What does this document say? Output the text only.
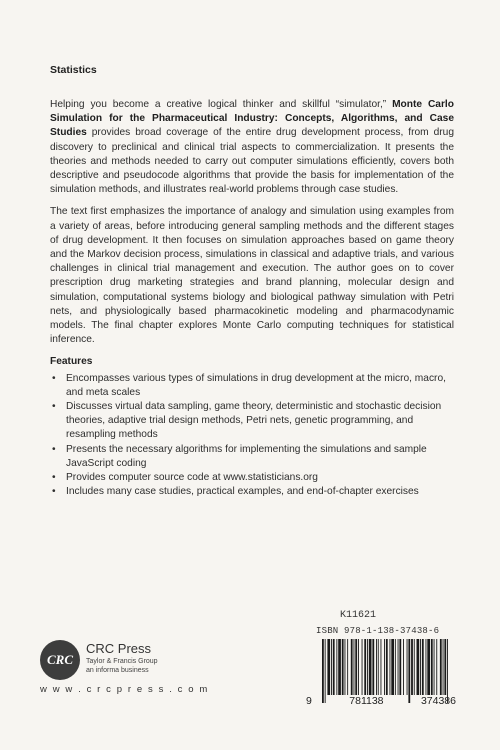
Statistics

Helping you become a creative logical thinker and skillful “simulator,” Monte Carlo Simulation for the Pharmaceutical Industry: Concepts, Algorithms, and Case Studies provides broad coverage of the entire drug development process, from drug discovery to preclinical and clinical trial aspects to commercialization. It presents the theories and methods needed to carry out computer simulations efficiently, covers both descriptive and pseudocode algorithms that provide the basis for implementation of the simulation methods, and illustrates real-world problems through case studies.

The text first emphasizes the importance of analogy and simulation using examples from a variety of areas, before introducing general sampling methods and the different stages of drug development. It then focuses on simulation approaches based on game theory and the Markov decision process, simulations in classical and adaptive trials, and various challenges in clinical trial management and execution. The author goes on to cover prescription drug marketing strategies and brand planning, molecular design and simulation, computational systems biology and biological pathway simulation with Petri nets, and physiologically based pharmacokinetic modeling and pharmacodynamic models. The final chapter explores Monte Carlo computing techniques for statistical inference.

Features
• Encompasses various types of simulations in drug development at the micro, macro, and meta scales
• Discusses virtual data sampling, game theory, deterministic and stochastic decision theories, adaptive trial design methods, Petri nets, genetic programming, and resampling methods
• Presents the necessary algorithms for implementing the simulations and sample JavaScript coding
• Provides computer source code at www.statisticians.org
• Includes many case studies, practical examples, and end-of-chapter exercises
CRC
CRC Press
Taylor & Francis Group
an informa business
w w w . c r c p r e s s . c o m
K11621
ISBN 978-1-138-37438-6
9	781138	374386
